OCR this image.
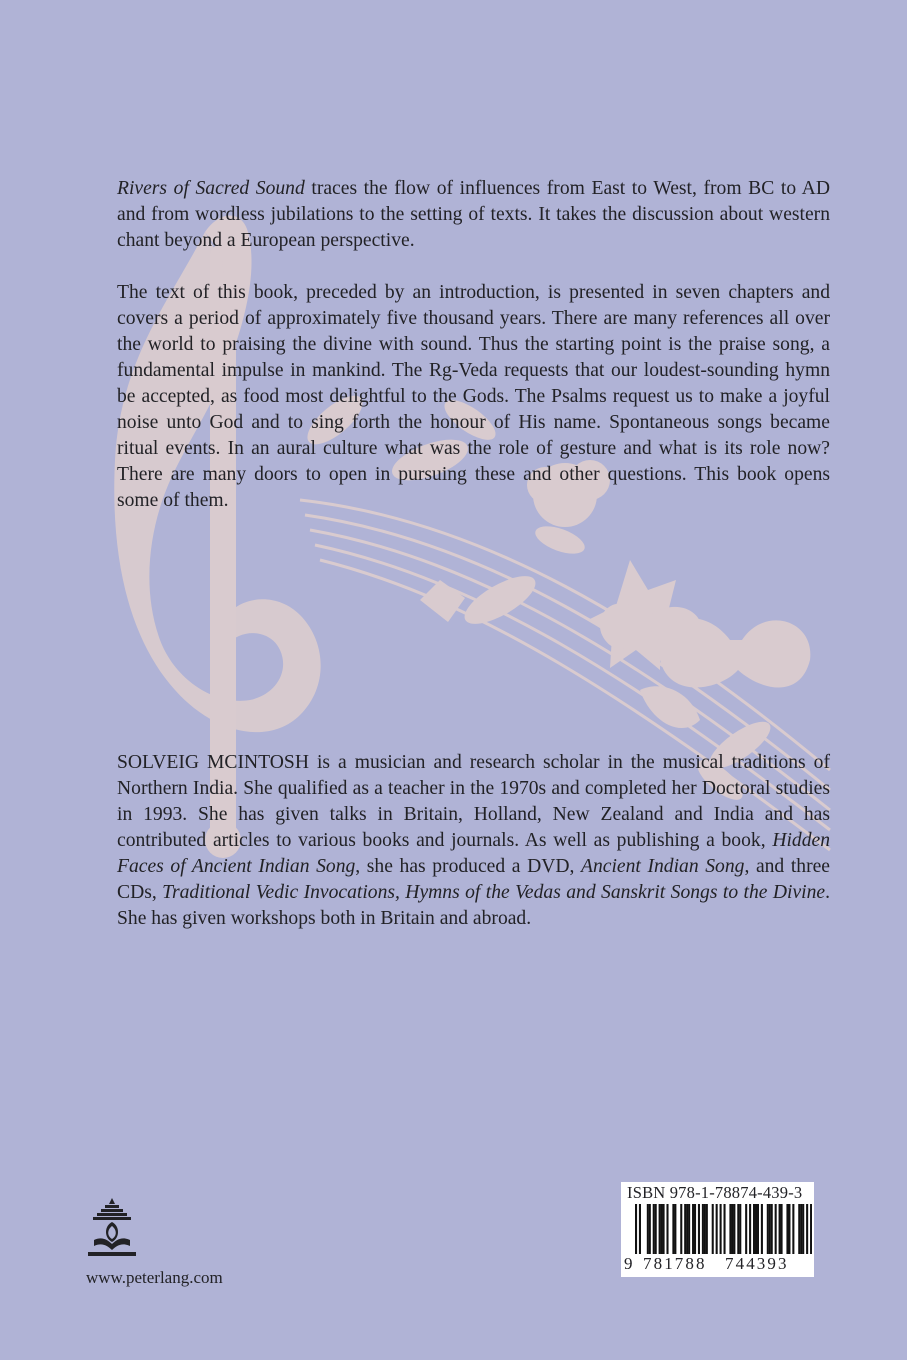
Rivers of Sacred Sound traces the flow of influences from East to West, from BC to AD and from wordless jubilations to the setting of texts. It takes the discussion about western chant beyond a European perspective.

The text of this book, preceded by an introduction, is presented in seven chapters and covers a period of approximately five thousand years. There are many references all over the world to praising the divine with sound. Thus the starting point is the praise song, a fundamental impulse in mankind. The Rg-Veda requests that our loudest-sounding hymn be accepted, as food most delightful to the Gods. The Psalms request us to make a joyful noise unto God and to sing forth the honour of His name. Spontaneous songs became ritual events. In an aural culture what was the role of gesture and what is its role now? There are many doors to open in pursuing these and other questions. This book opens some of them.

SOLVEIG MCINTOSH is a musician and research scholar in the musical traditions of Northern India. She qualified as a teacher in the 1970s and completed her Doctoral studies in 1993. She has given talks in Britain, Holland, New Zealand and India and has contributed articles to various books and journals. As well as publishing a book, Hidden Faces of Ancient Indian Song, she has produced a DVD, Ancient Indian Song, and three CDs, Traditional Vedic Invocations, Hymns of the Vedas and Sanskrit Songs to the Divine. She has given workshops both in Britain and abroad.

www.peterlang.com
ISBN 978-1-78874-439-3
9 781788 744393
